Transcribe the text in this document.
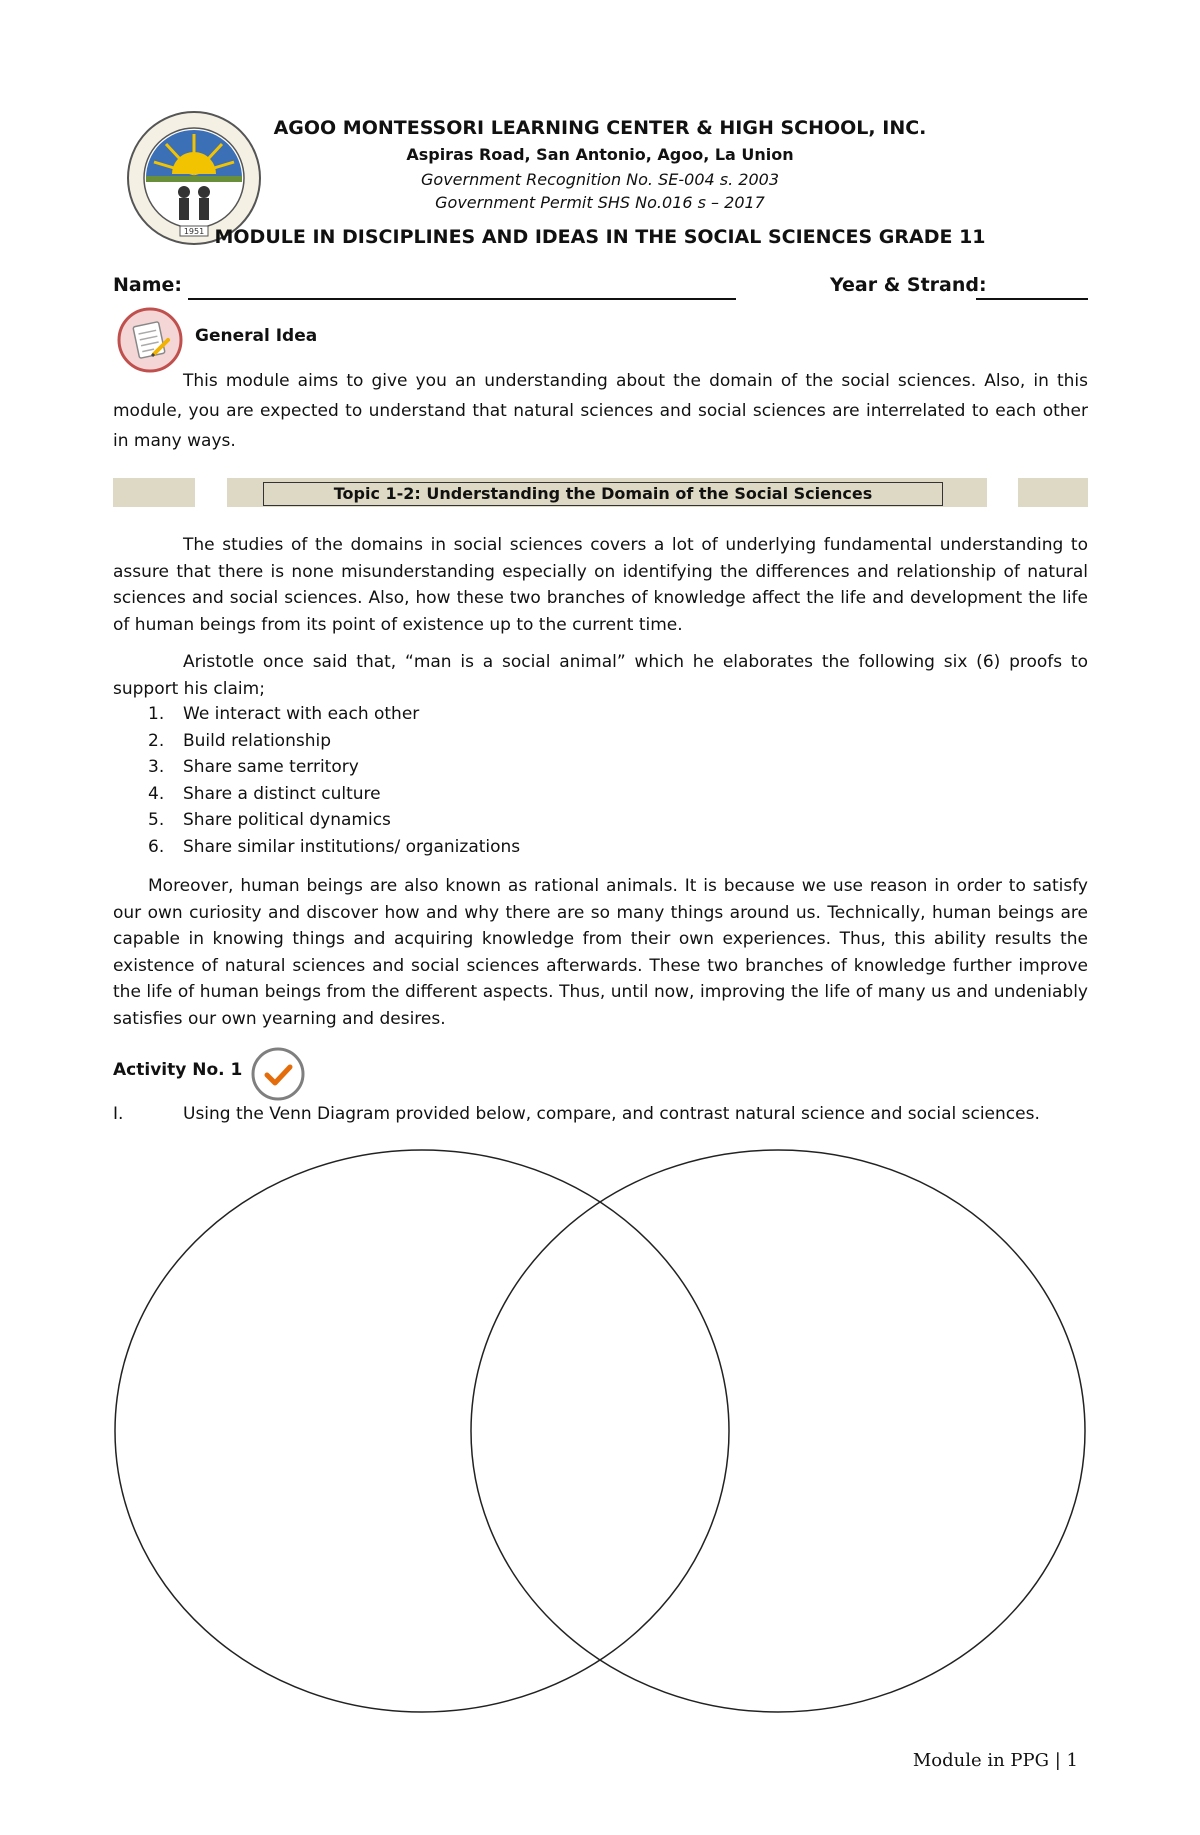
1951
AGOO MONTESSORI LEARNING CENTER & HIGH SCHOOL, INC.
Aspiras Road, San Antonio, Agoo, La Union
Government Recognition No. SE-004 s. 2003
Government Permit SHS No.016 s – 2017
MODULE IN DISCIPLINES AND IDEAS IN THE SOCIAL SCIENCES GRADE 11
Name:	Year & Strand:
General Idea

This module aims to give you an understanding about the domain of the social sciences. Also, in this module, you are expected to understand that natural sciences and social sciences are interrelated to each other in many ways.

Topic 1-2: Understanding the Domain of the Social Sciences

The studies of the domains in social sciences covers a lot of underlying fundamental understanding to assure that there is none misunderstanding especially on identifying the differences and relationship of natural sciences and social sciences. Also, how these two branches of knowledge affect the life and development the life of human beings from its point of existence up to the current time.

Aristotle once said that, “man is a social animal” which he elaborates the following six (6) proofs to support his claim;

1. We interact with each other
2. Build relationship
3. Share same territory
4. Share a distinct culture
5. Share political dynamics
6. Share similar institutions/ organizations

Moreover, human beings are also known as rational animals. It is because we use reason in order to satisfy our own curiosity and discover how and why there are so many things around us. Technically, human beings are capable in knowing things and acquiring knowledge from their own experiences. Thus, this ability results the existence of natural sciences and social sciences afterwards. These two branches of knowledge further improve the life of human beings from the different aspects. Thus, until now, improving the life of many us and undeniably satisfies our own yearning and desires.

Activity No. 1
I.	Using the Venn Diagram provided below, compare, and contrast natural science and social sciences.
Module in PPG | 1
